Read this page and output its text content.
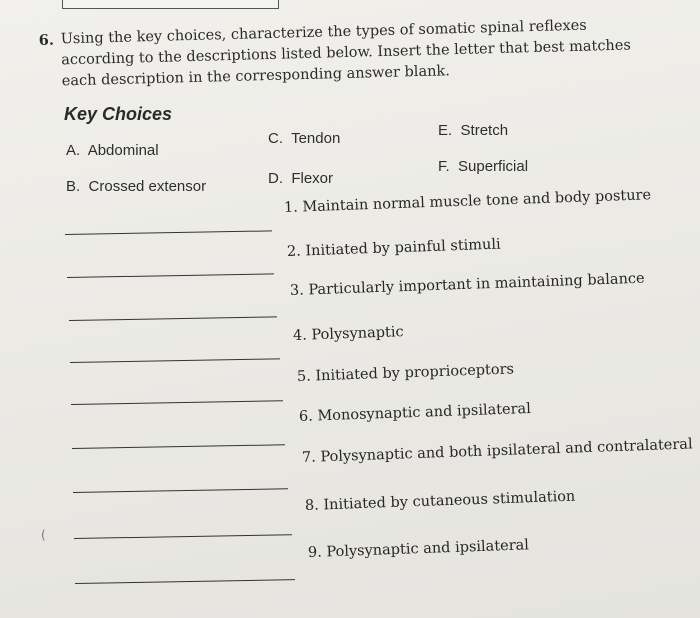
6. Using the key choices, characterize the types of somatic spinal reflexes according to the descriptions listed below. Insert the letter that best matches each description in the corresponding answer blank.
Key Choices
A. Abdominal
B. Crossed extensor
C. Tendon
D. Flexor
E. Stretch
F. Superficial
1. Maintain normal muscle tone and body posture
2. Initiated by painful stimuli
3. Particularly important in maintaining balance
4. Polysynaptic
5. Initiated by proprioceptors
6. Monosynaptic and ipsilateral
7. Polysynaptic and both ipsilateral and contralateral
8. Initiated by cutaneous stimulation
9. Polysynaptic and ipsilateral
(
